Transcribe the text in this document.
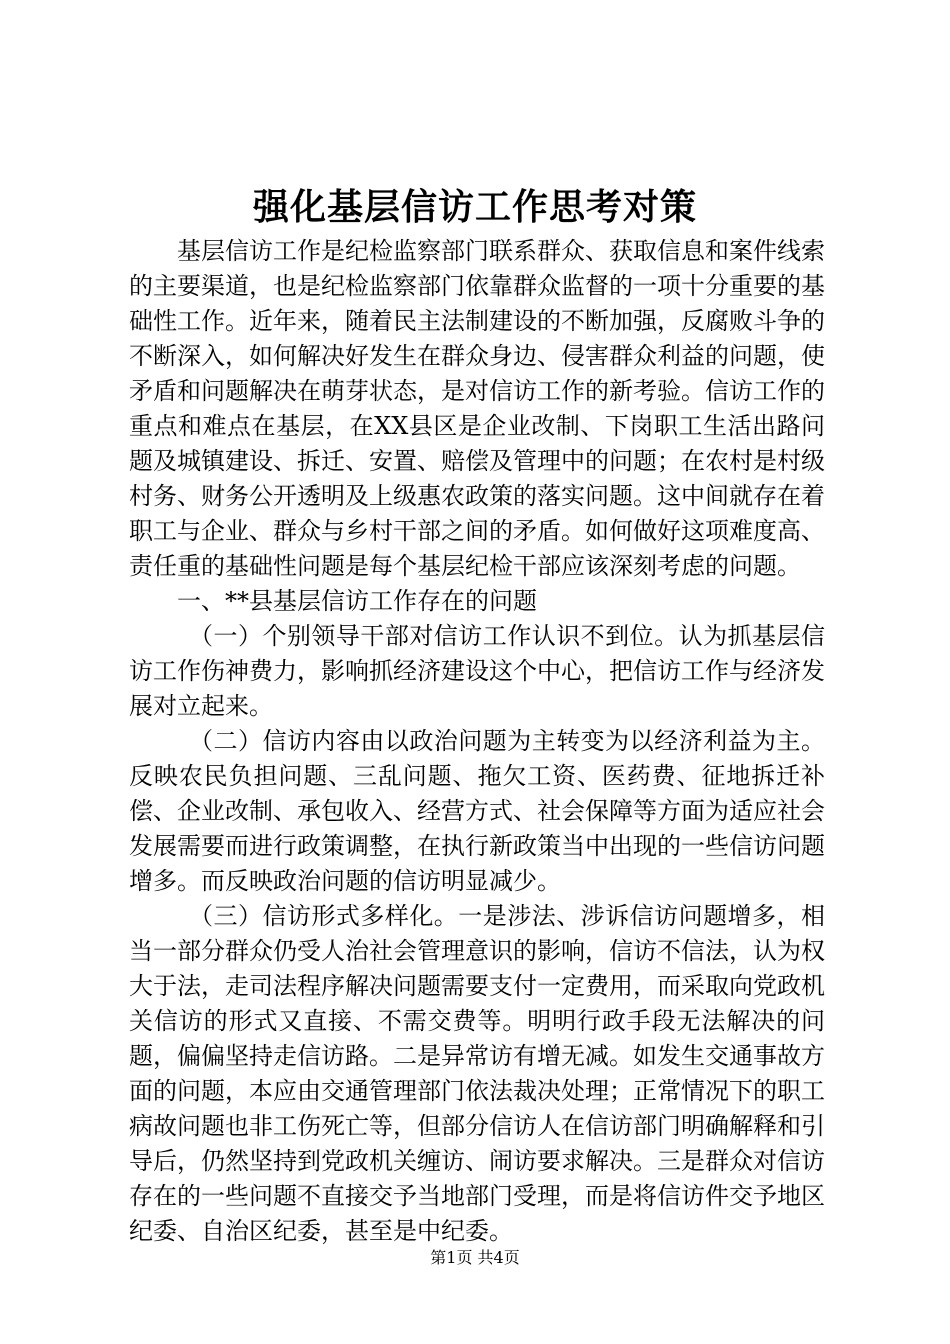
强化基层信访工作思考对策

基层信访工作是纪检监察部门联系群众、获取信息和案件线索的主要渠道，也是纪检监察部门依靠群众监督的一项十分重要的基础性工作。近年来，随着民主法制建设的不断加强，反腐败斗争的不断深入，如何解决好发生在群众身边、侵害群众利益的问题，使矛盾和问题解决在萌芽状态，是对信访工作的新考验。信访工作的重点和难点在基层，在XX县区是企业改制、下岗职工生活出路问题及城镇建设、拆迁、安置、赔偿及管理中的问题；在农村是村级村务、财务公开透明及上级惠农政策的落实问题。这中间就存在着职工与企业、群众与乡村干部之间的矛盾。如何做好这项难度高、责任重的基础性问题是每个基层纪检干部应该深刻考虑的问题。

一、**县基层信访工作存在的问题

（一）个别领导干部对信访工作认识不到位。认为抓基层信访工作伤神费力，影响抓经济建设这个中心，把信访工作与经济发展对立起来。

（二）信访内容由以政治问题为主转变为以经济利益为主。反映农民负担问题、三乱问题、拖欠工资、医药费、征地拆迁补偿、企业改制、承包收入、经营方式、社会保障等方面为适应社会发展需要而进行政策调整，在执行新政策当中出现的一些信访问题增多。而反映政治问题的信访明显减少。

（三）信访形式多样化。一是涉法、涉诉信访问题增多，相当一部分群众仍受人治社会管理意识的影响，信访不信法，认为权大于法，走司法程序解决问题需要支付一定费用，而采取向党政机关信访的形式又直接、不需交费等。明明行政手段无法解决的问题，偏偏坚持走信访路。二是异常访有增无减。如发生交通事故方面的问题，本应由交通管理部门依法裁决处理；正常情况下的职工病故问题也非工伤死亡等，但部分信访人在信访部门明确解释和引导后，仍然坚持到党政机关缠访、闹访要求解决。三是群众对信访存在的一些问题不直接交予当地部门受理，而是将信访件交予地区纪委、自治区纪委，甚至是中纪委。

第1页 共4页
